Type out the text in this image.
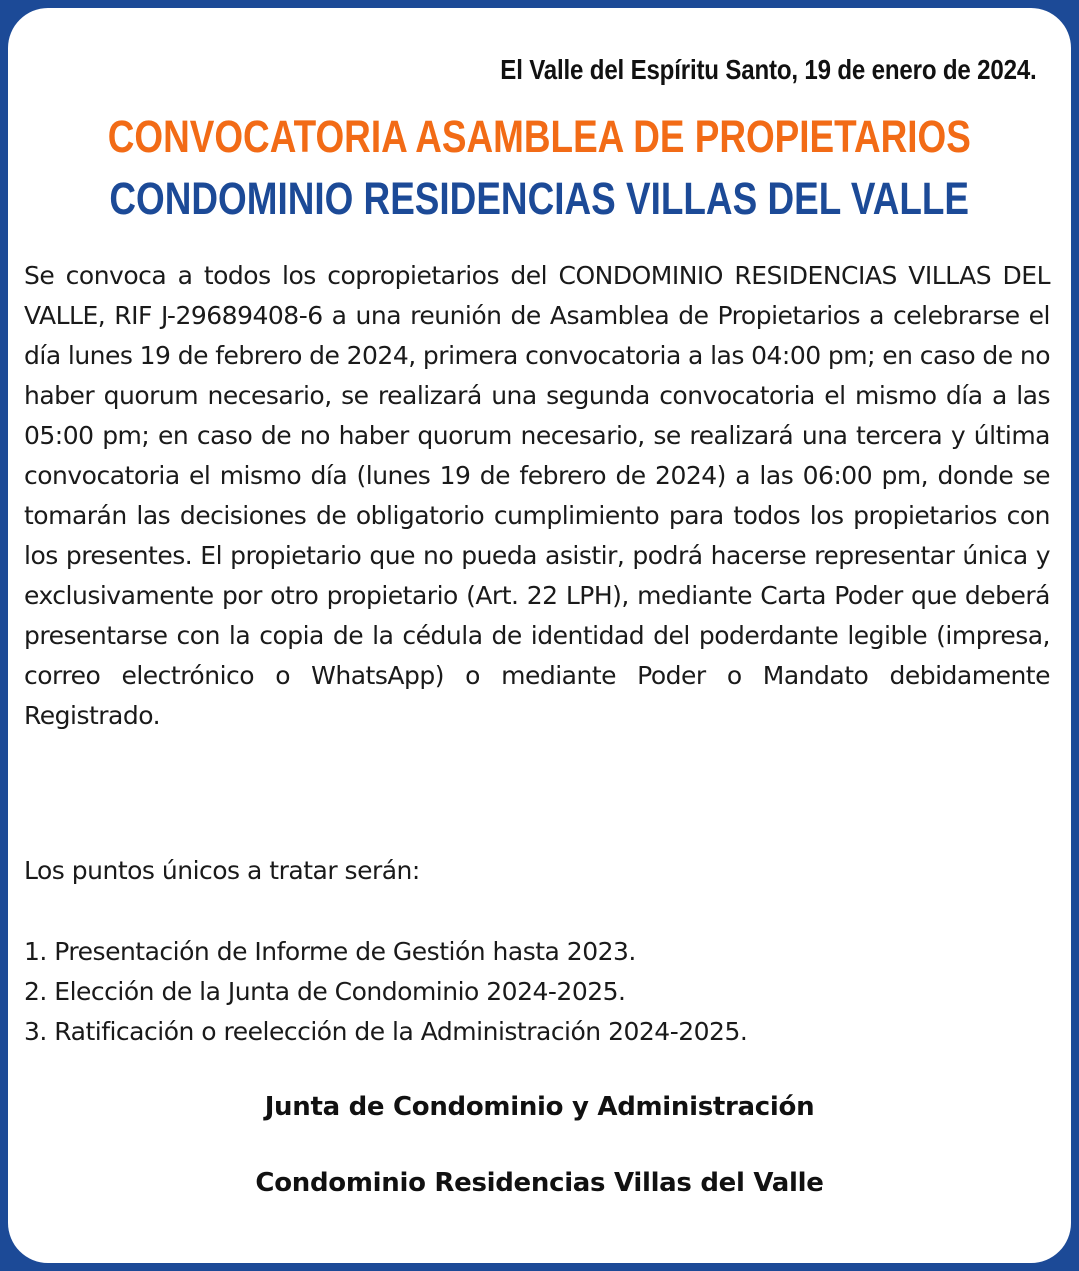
El Valle del Espíritu Santo, 19 de enero de 2024.
CONVOCATORIA ASAMBLEA DE PROPIETARIOS
CONDOMINIO RESIDENCIAS VILLAS DEL VALLE

Se convoca a todos los copropietarios del CONDOMINIO RESIDENCIAS VILLAS DEL VALLE, RIF J-29689408-6 a una reunión de Asamblea de Propietarios a celebrarse el día lunes 19 de febrero de 2024, primera convocatoria a las 04:00 pm; en caso de no haber quorum necesario, se realizará una segunda convocatoria el mismo día a las 05:00 pm; en caso de no haber quorum necesario, se realizará una tercera y última convocatoria el mismo día (lunes 19 de febrero de 2024) a las 06:00 pm, donde se tomarán las decisiones de obligatorio cumplimiento para todos los propietarios con los presentes. El propietario que no pueda asistir, podrá hacerse representar única y exclusivamente por otro propietario (Art. 22 LPH), mediante Carta Poder que deberá presentarse con la copia de la cédula de identidad del poderdante legible (impresa, correo electrónico o WhatsApp) o mediante Poder o Mandato debidamente Registrado.

Los puntos únicos a tratar serán:

1. Presentación de Informe de Gestión hasta 2023.
2. Elección de la Junta de Condominio 2024-2025.
3. Ratificación o reelección de la Administración 2024-2025.
Junta de Condominio y Administración
Condominio Residencias Villas del Valle
